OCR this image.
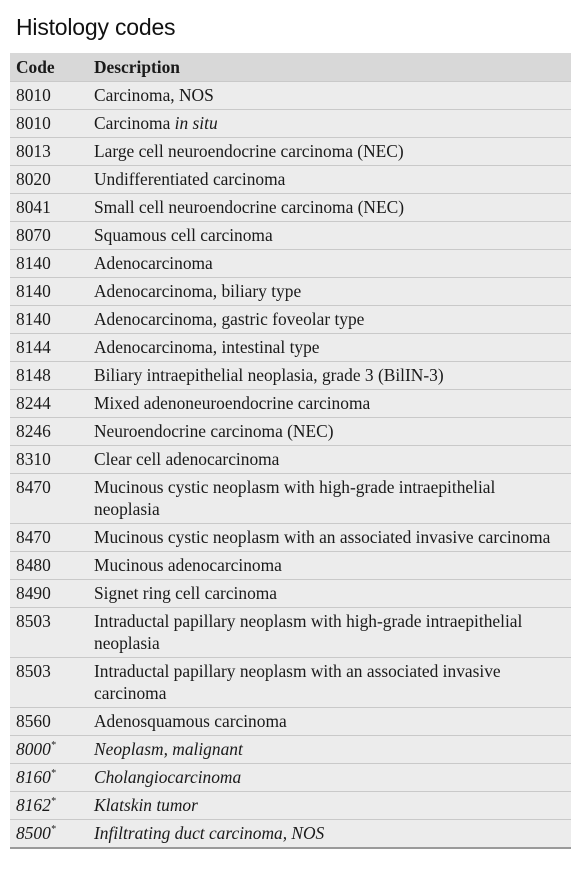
Histology codes
Code	Description
8010	Carcinoma, NOS
8010	Carcinoma in situ
8013	Large cell neuroendocrine carcinoma (NEC)
8020	Undifferentiated carcinoma
8041	Small cell neuroendocrine carcinoma (NEC)
8070	Squamous cell carcinoma
8140	Adenocarcinoma
8140	Adenocarcinoma, biliary type
8140	Adenocarcinoma, gastric foveolar type
8144	Adenocarcinoma, intestinal type
8148	Biliary intraepithelial neoplasia, grade 3 (BilIN-3)
8244	Mixed adenoneuroendocrine carcinoma
8246	Neuroendocrine carcinoma (NEC)
8310	Clear cell adenocarcinoma
8470	Mucinous cystic neoplasm with high-grade intraepithelial neoplasia
8470	Mucinous cystic neoplasm with an associated invasive carcinoma
8480	Mucinous adenocarcinoma
8490	Signet ring cell carcinoma
8503	Intraductal papillary neoplasm with high-grade intraepithelial neoplasia
8503	Intraductal papillary neoplasm with an associated invasive carcinoma
8560	Adenosquamous carcinoma
8000*	Neoplasm, malignant
8160*	Cholangiocarcinoma
8162*	Klatskin tumor
8500*	Infiltrating duct carcinoma, NOS
